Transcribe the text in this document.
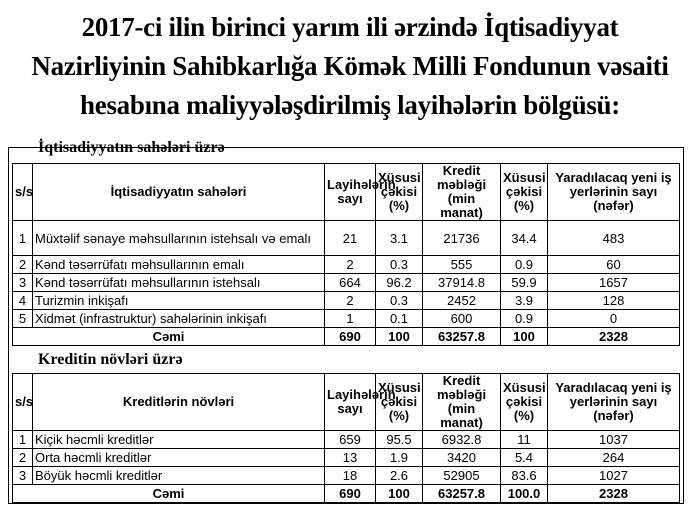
2017-ci ilin birinci yarım ili ərzində İqtisadiyyat
Nazirliyinin Sahibkarlığa Kömək Milli Fondunun vəsaiti
hesabına maliyyələşdirilmiş layihələrin bölgüsü:
İqtisadiyyatın sahələri üzrə
s/s	İqtisadiyyatın sahələri	Layihələrin sayı	Xüsusi çəkisi (%)	Kredit məbləği (min manat)	Xüsusi çəkisi (%)	Yaradılacaq yeni iş yerlərinin sayı (nəfər)
1	Müxtəlif sənaye məhsullarının istehsalı və emalı	21	3.1	21736	34.4	483
2	Kənd təsərrüfatı məhsullarının emalı	2	0.3	555	0.9	60
3	Kənd təsərrüfatı məhsullarının istehsalı	664	96.2	37914.8	59.9	1657
4	Turizmin inkişafı	2	0.3	2452	3.9	128
5	Xidmət (infrastruktur) sahələrinin inkişafı	1	0.1	600	0.9	0
Cəmi		690	100	63257.8	100	2328
Kreditin növləri üzrə
s/s	Kreditlərin növləri	Layihələrin sayı	Xüsusi çəkisi (%)	Kredit məbləği (min manat)	Xüsusi çəkisi (%)	Yaradılacaq yeni iş yerlərinin sayı (nəfər)
1	Kiçik həcmli kreditlər	659	95.5	6932.8	11	1037
2	Orta həcmli kreditlər	13	1.9	3420	5.4	264
3	Böyük həcmli kreditlər	18	2.6	52905	83.6	1027
Cəmi		690	100	63257.8	100.0	2328
